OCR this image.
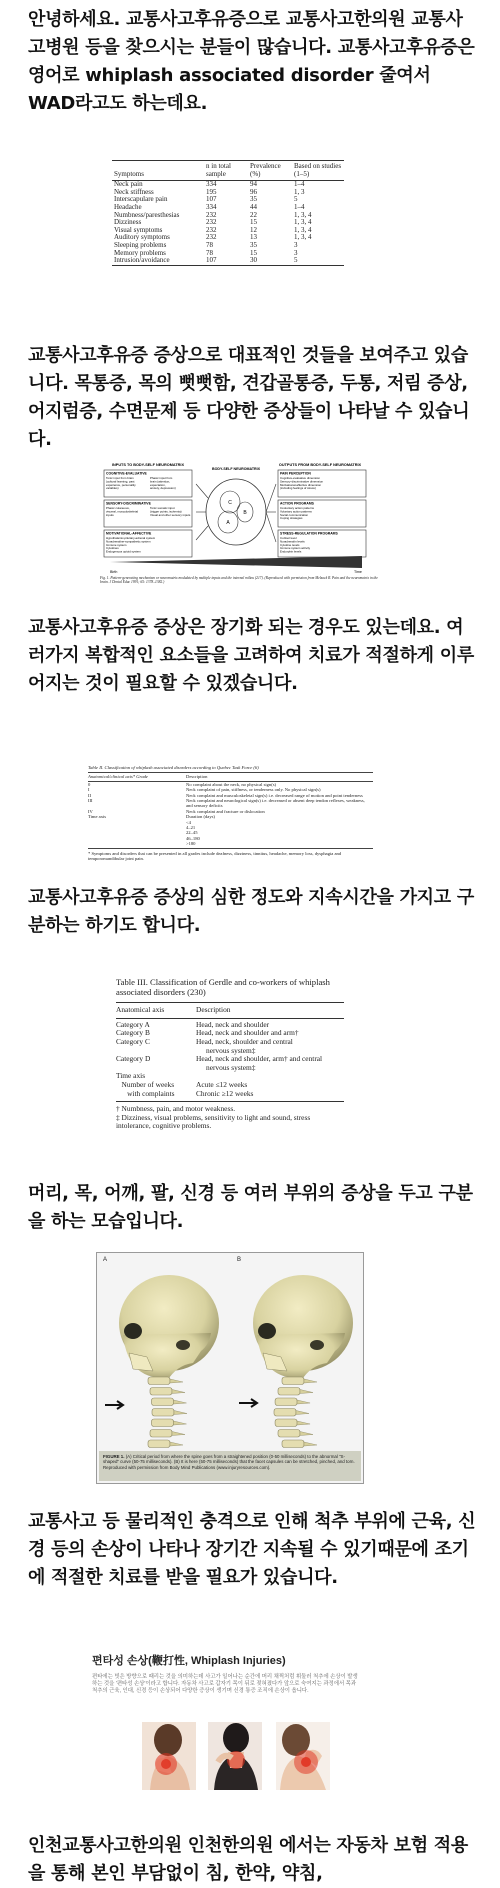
안녕하세요. 교통사고후유증으로 교통사고한의원 교통사고병원 등을 찾으시는 분들이 많습니다. 교통사고후유증은 영어로 whiplash associated disorder 줄여서 WAD라고도 하는데요.

Symptoms	n in total sample	Prevalence (%)	Based on studies (1–5)
Neck pain	334	94	1–4
Neck stiffness	195	96	1, 3
Interscapulare pain	107	35	5
Headache	334	44	1–4
Numbness/paresthesias	232	22	1, 3, 4
Dizziness	232	15	1, 3, 4
Visual symptoms	232	12	1, 3, 4
Auditory symptoms	232	13	1, 3, 4
Sleeping problems	78	35	3
Memory problems	78	15	3
Intrusion/avoidance	107	30	5

교통사고후유증 증상으로 대표적인 것들을 보여주고 있습니다. 목통증, 목의 뻣뻣함, 견갑골통증, 두통, 저림 증상, 어지럼증, 수면문제 등 다양한 증상들이 나타날 수 있습니다.

INPUTS TO BODY-SELF NEUROMATRIX
BODY-SELF NEUROMATRIX
OUTPUTS FROM BODY-SELF NEUROMATRIX
COGNITIVE-EVALUATIVE
Tonic input from brain
(cultural learning, past
experience, personality
variables)
Phasic input from
brain (attention,
expectation,
anxiety, depression)
SENSORY-DISCRIMINATIVE
Phasic cutaneous,
visceral, musculoskeletal
inputs
Tonic somatic input
(trigger points, ischemia)
Visual and other sensory inputs
MOTIVATIONAL-AFFECTIVE
Hypothalamic-pituitary-adrenal system
Noradrenaline-sympathetic system
Immune system
Cytokines
Endogenous opioid system
PAIN PERCEPTION
Cognitive-evaluative dimension
Sensory-discriminative dimension
Motivational-affective dimension
(including feelings of stress)
ACTION PROGRAMS
Involuntary action patterns
Voluntary action patterns
Social communication
Coping strategies
STRESS-REGULATION PROGRAMS
Cortisol level
Noradrenalin levels
Cytokine levels
Immune system activity
Endorphin levels
C
A
B
Birth	Time
Fig. 1. Pattern-generating mechanism or neuromatrix modulated by multiple inputs and the internal milieu (217). (Reproduced with permission from Melzack R. Pain and the neuromatrix in the brain. J Dental Educ 1991; 65: 1378–1382.)

교통사고후유증 증상은 장기화 되는 경우도 있는데요. 여러가지 복합적인 요소들을 고려하여 치료가 적절하게 이루어지는 것이 필요할 수 있겠습니다.

Table II. Classification of whiplash associated disorders according to Quebec Task Force (6)
Anatomical/clinical axis* Grade	Description
0	No complaint about the neck, no physical sign(s)
I	Neck complaint of pain, stiffness, or tenderness only. No physical sign(s)
II	Neck complaint and musculoskeletal sign(s) i.e. decreased range of motion and point tenderness
III	Neck complaint and neurological sign(s) i.e. decreased or absent deep tendon reflexes, weakness,
and sensory deficits
IV	Neck complaint and fracture or dislocation
Time axis	Duration (days)
<4
4–21
22–45
46–180
>180
* Symptoms and disorders that can be presented in all grades include deafness, dizziness, tinnitus, headache, memory loss, dysphagia and temporomandibular joint pain.

교통사고후유증 증상의 심한 정도와 지속시간을 가지고 구분하는 하기도 합니다.

Table III. Classification of Gerdle and co-workers of whiplash associated disorders (230)
Anatomical axis	Description
Category A	Head, neck and shoulder
Category B	Head, neck and shoulder and arm†
Category C	Head, neck, shoulder and central
nervous system‡
Category D	Head, neck and shoulder, arm† and central
nervous system‡
Time axis
Number of weeks	Acute ≤12 weeks
with complaints	Chronic ≥12 weeks
† Numbness, pain, and motor weakness.
‡ Dizziness, visual problems, sensitivity to light and sound, stress intolerance, cognitive problems.

머리, 목, 어깨, 팔, 신경 등 여러 부위의 증상을 두고 구분을 하는 모습입니다.

A	B
FIGURE 1. (A) Critical period from where the spine goes from a straightened position (0-50 milliseconds) to the abnormal "S-shaped" curve (50-75 milliseconds). (B) It is here (50-75 milliseconds) that the facet capsules can be stretched, pinched, and torn. Reproduced with permission from Body Mind Publications (www.injuryresources.com).

교통사고 등 물리적인 충격으로 인해 척추 부위에 근육, 신경 등의 손상이 나타나 장기간 지속될 수 있기때문에 조기에 적절한 치료를 받을 필요가 있습니다.

편타성 손상(鞭打性, Whiplash Injuries)
편타에는 빗은 방향으로 때리는 것을 의미하는데 사고가 일어나는 순간에 머리 채찍처럼 휘둘러 척추에 손상이 발생하는 것을 '편타성 손상'이라고 합니다. 자동차 사고로 갑자기 목이 뒤로 젖혀졌다가 앞으로 숙여지는 과정에서 목과 척추의 근육, 인대, 신경 등이 손상되어 다양한 증상이 생기며 신경 통증 조직에 손상이 옵니다.

인천교통사고한의원 인천한의원 에서는 자동차 보험 적용을 통해 본인 부담없이 침, 한약, 약침,
